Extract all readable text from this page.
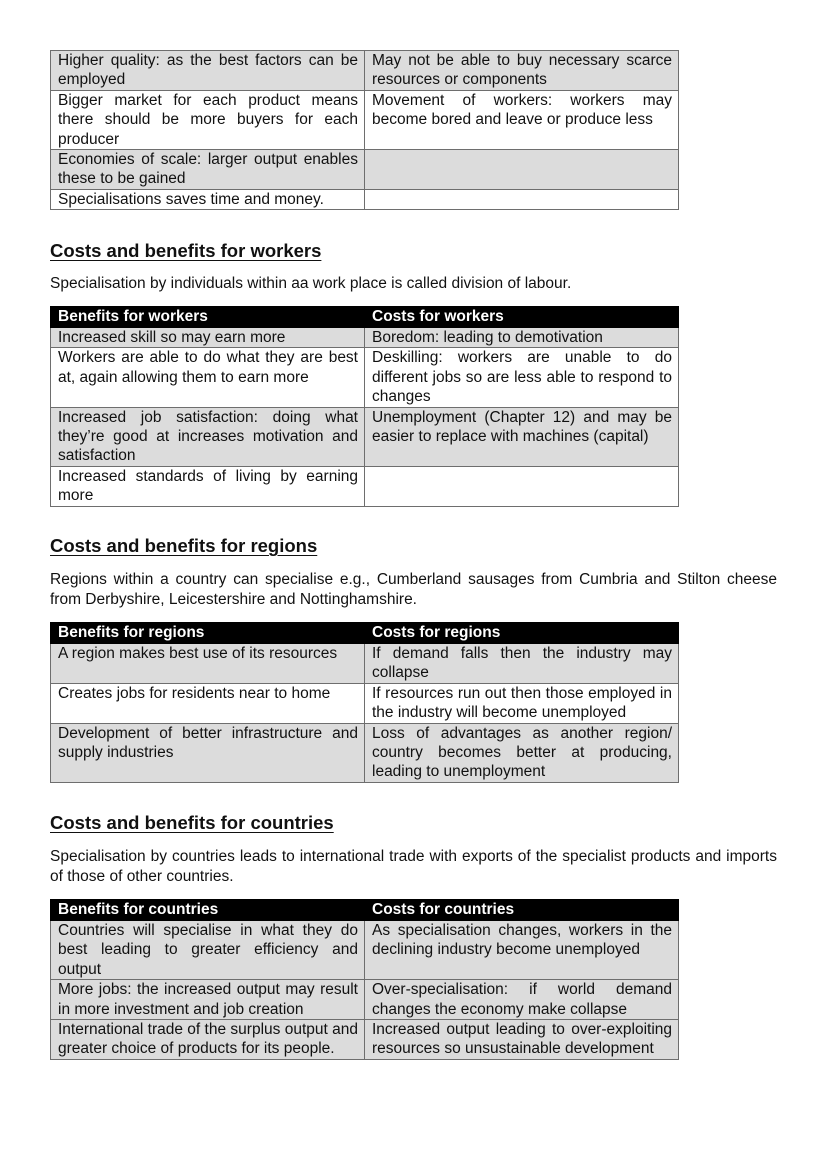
Higher quality: as the best factors can be employed	May not be able to buy necessary scarce resources or components
Bigger market for each product means there should be more buyers for each producer	Movement of workers: workers may become bored and leave or produce less
Economies of scale: larger output enables these to be gained	
Specialisations saves time and money.	
Costs and benefits for workers

Specialisation by individuals within aa work place is called division of labour.

Benefits for workers	Costs for workers
Increased skill so may earn more	Boredom: leading to demotivation
Workers are able to do what they are best at, again allowing them to earn more	Deskilling: workers are unable to do different jobs so are less able to respond to changes
Increased job satisfaction: doing what they’re good at increases motivation and satisfaction	Unemployment (Chapter 12) and may be easier to replace with machines (capital)
Increased standards of living by earning more	
Costs and benefits for regions

Regions within a country can specialise e.g., Cumberland sausages from Cumbria and Stilton cheese from Derbyshire, Leicestershire and Nottinghamshire.

Benefits for regions	Costs for regions
A region makes best use of its resources	If demand falls then the industry may collapse
Creates jobs for residents near to home	If resources run out then those employed in the industry will become unemployed
Development of better infrastructure and supply industries	Loss of advantages as another region/ country becomes better at producing, leading to unemployment
Costs and benefits for countries

Specialisation by countries leads to international trade with exports of the specialist products and imports of those of other countries.

Benefits for countries	Costs for countries
Countries will specialise in what they do best leading to greater efficiency and output	As specialisation changes, workers in the declining industry become unemployed
More jobs: the increased output may result in more investment and job creation	Over-specialisation: if world demand changes the economy make collapse
International trade of the surplus output and greater choice of products for its people.	Increased output leading to over-exploiting resources so unsustainable development
